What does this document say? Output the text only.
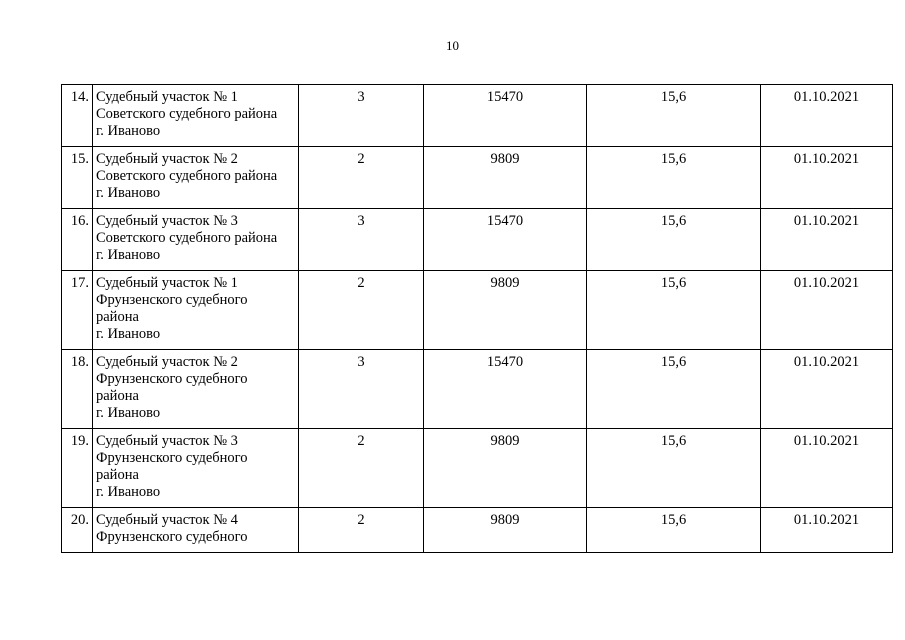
10
14.	Судебный участок № 1
Советского судебного района
г. Иваново	3	15470	15,6	01.10.2021
15.	Судебный участок № 2
Советского судебного района
г. Иваново	2	9809	15,6	01.10.2021
16.	Судебный участок № 3
Советского судебного района
г. Иваново	3	15470	15,6	01.10.2021
17.	Судебный участок № 1
Фрунзенского судебного
района
г. Иваново	2	9809	15,6	01.10.2021
18.	Судебный участок № 2
Фрунзенского судебного
района
г. Иваново	3	15470	15,6	01.10.2021
19.	Судебный участок № 3
Фрунзенского судебного
района
г. Иваново	2	9809	15,6	01.10.2021
20.	Судебный участок № 4
Фрунзенского судебного	2	9809	15,6	01.10.2021
